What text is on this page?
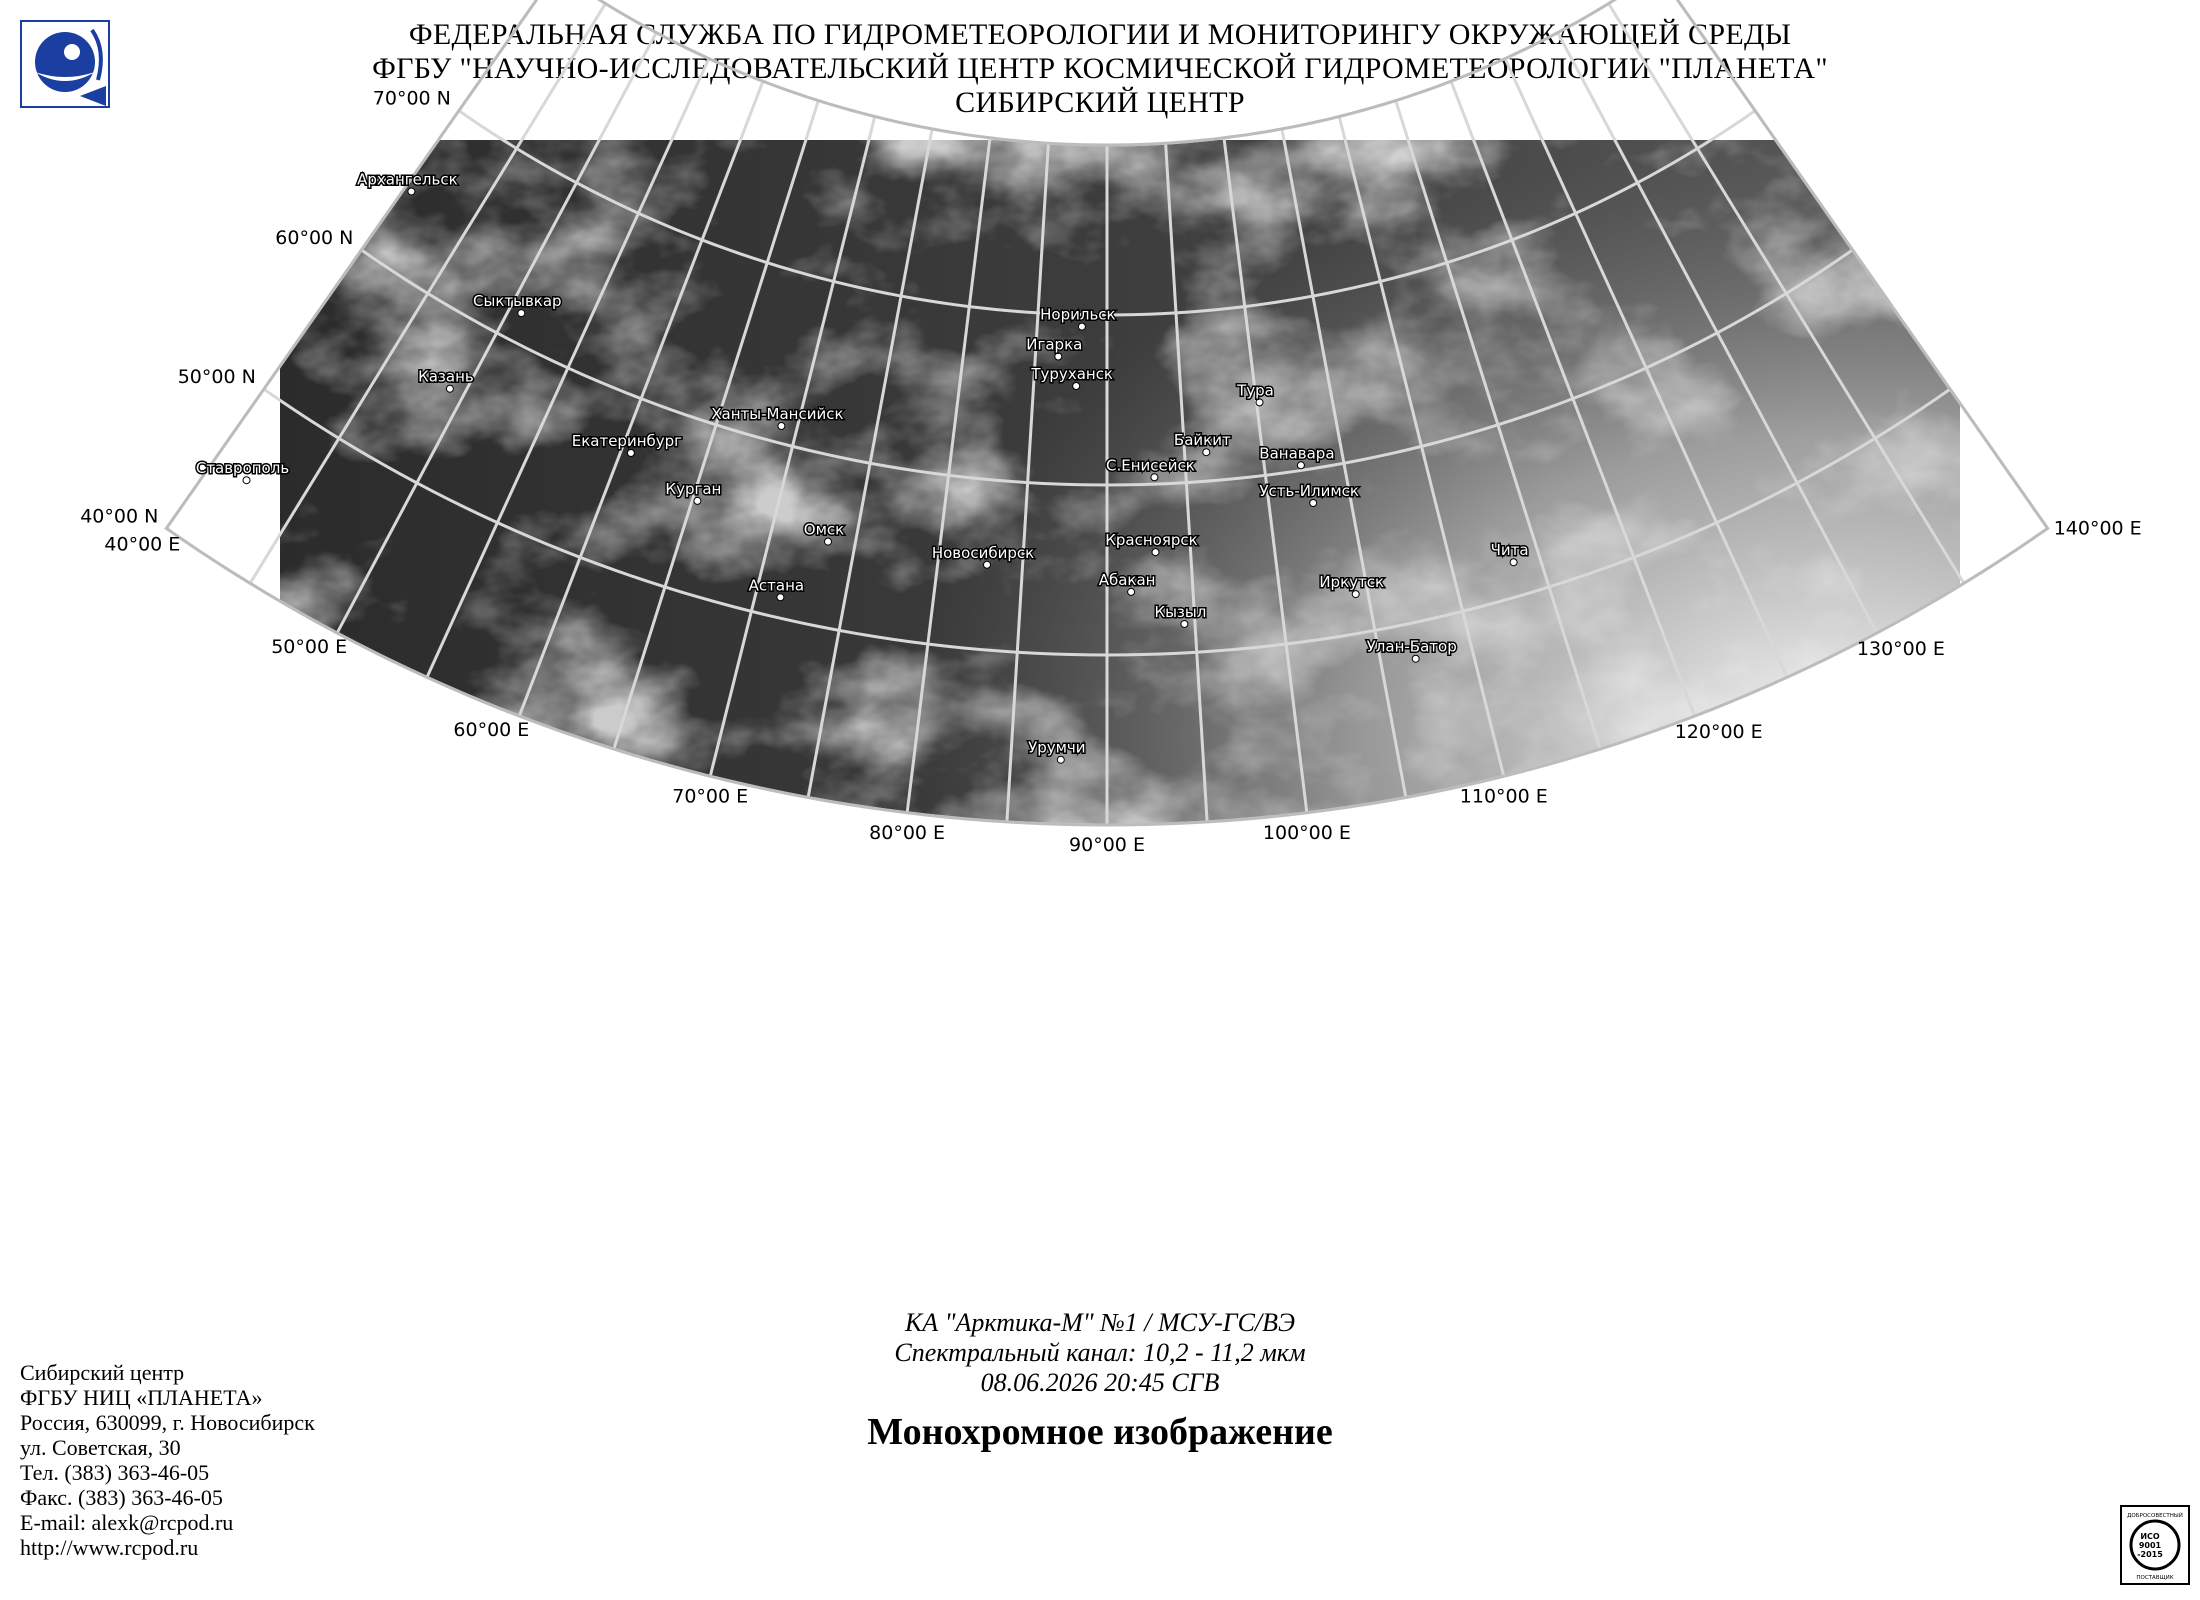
ФЕДЕРАЛЬНАЯ СЛУЖБА ПО ГИДРОМЕТЕОРОЛОГИИ И МОНИТОРИНГУ ОКРУЖАЮЩЕЙ СРЕДЫ
ФГБУ "НАУЧНО-ИССЛЕДОВАТЕЛЬСКИЙ ЦЕНТР КОСМИЧЕСКОЙ ГИДРОМЕТЕОРОЛОГИИ "ПЛАНЕТА"
СИБИРСКИЙ ЦЕНТР
70°00 N
60°00 N
50°00 N
40°00 N
40°00 E
50°00 E
60°00 E
70°00 E
80°00 E
90°00 E
100°00 E
110°00 E
120°00 E
130°00 E
140°00 E
Архангельск
Сыктывкар
Казань
Ставрополь
Екатеринбург
Курган
Ханты-Мансийск
Омск
Астана
Новосибирск
Норильск
Игарка
Туруханск
Тура
Байкит
Ванавара
С.Енисейск
Усть-Илимск
Красноярск
Абакан
Кызыл
Иркутск
Чита
Улан-Батор
Урумчи
КА "Арктика-М" №1 / МСУ-ГС/ВЭ
Спектральный канал: 10,2 - 11,2 мкм
08.06.2026 20:45 СГВ
Монохромное изображение
Сибирский центр
ФГБУ НИЦ «ПЛАНЕТА»
Россия, 630099, г. Новосибирск
ул. Советская, 30
Тел. (383) 363-46-05
Факс. (383) 363-46-05
E-mail: alexk@rcpod.ru
http://www.rcpod.ru
ДОБРОСОВЕСТНЫЙ
ИСО
9001
-2015
ПОСТАВЩИК
